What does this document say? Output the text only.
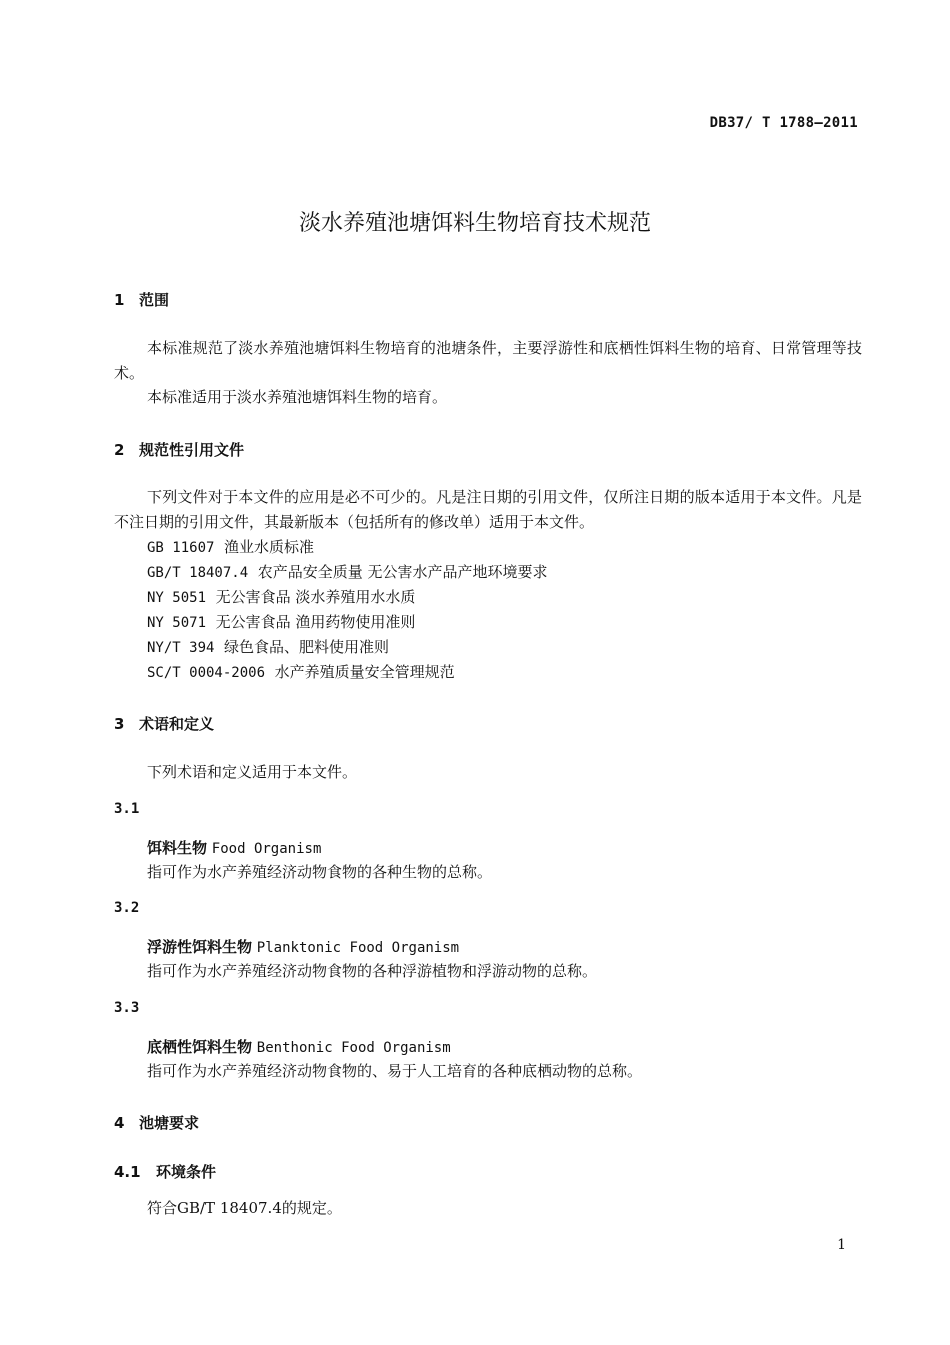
DB37/ T 1788—2011
淡水养殖池塘饵料生物培育技术规范
1 范围
本标准规范了淡水养殖池塘饵料生物培育的池塘条件，主要浮游性和底栖性饵料生物的培育、日常管理等技术。
本标准适用于淡水养殖池塘饵料生物的培育。
2 规范性引用文件
下列文件对于本文件的应用是必不可少的。凡是注日期的引用文件，仅所注日期的版本适用于本文件。凡是不注日期的引用文件，其最新版本（包括所有的修改单）适用于本文件。
GB 11607 渔业水质标准
GB/T 18407.4 农产品安全质量 无公害水产品产地环境要求
NY 5051 无公害食品 淡水养殖用水水质
NY 5071 无公害食品 渔用药物使用准则
NY/T 394 绿色食品、肥料使用准则
SC/T 0004-2006 水产养殖质量安全管理规范
3 术语和定义
下列术语和定义适用于本文件。
3.1
饵料生物 Food Organism
指可作为水产养殖经济动物食物的各种生物的总称。
3.2
浮游性饵料生物 Planktonic Food Organism
指可作为水产养殖经济动物食物的各种浮游植物和浮游动物的总称。
3.3
底栖性饵料生物 Benthonic Food Organism
指可作为水产养殖经济动物食物的、易于人工培育的各种底栖动物的总称。
4 池塘要求
4.1 环境条件
符合GB/T 18407.4的规定。
1
